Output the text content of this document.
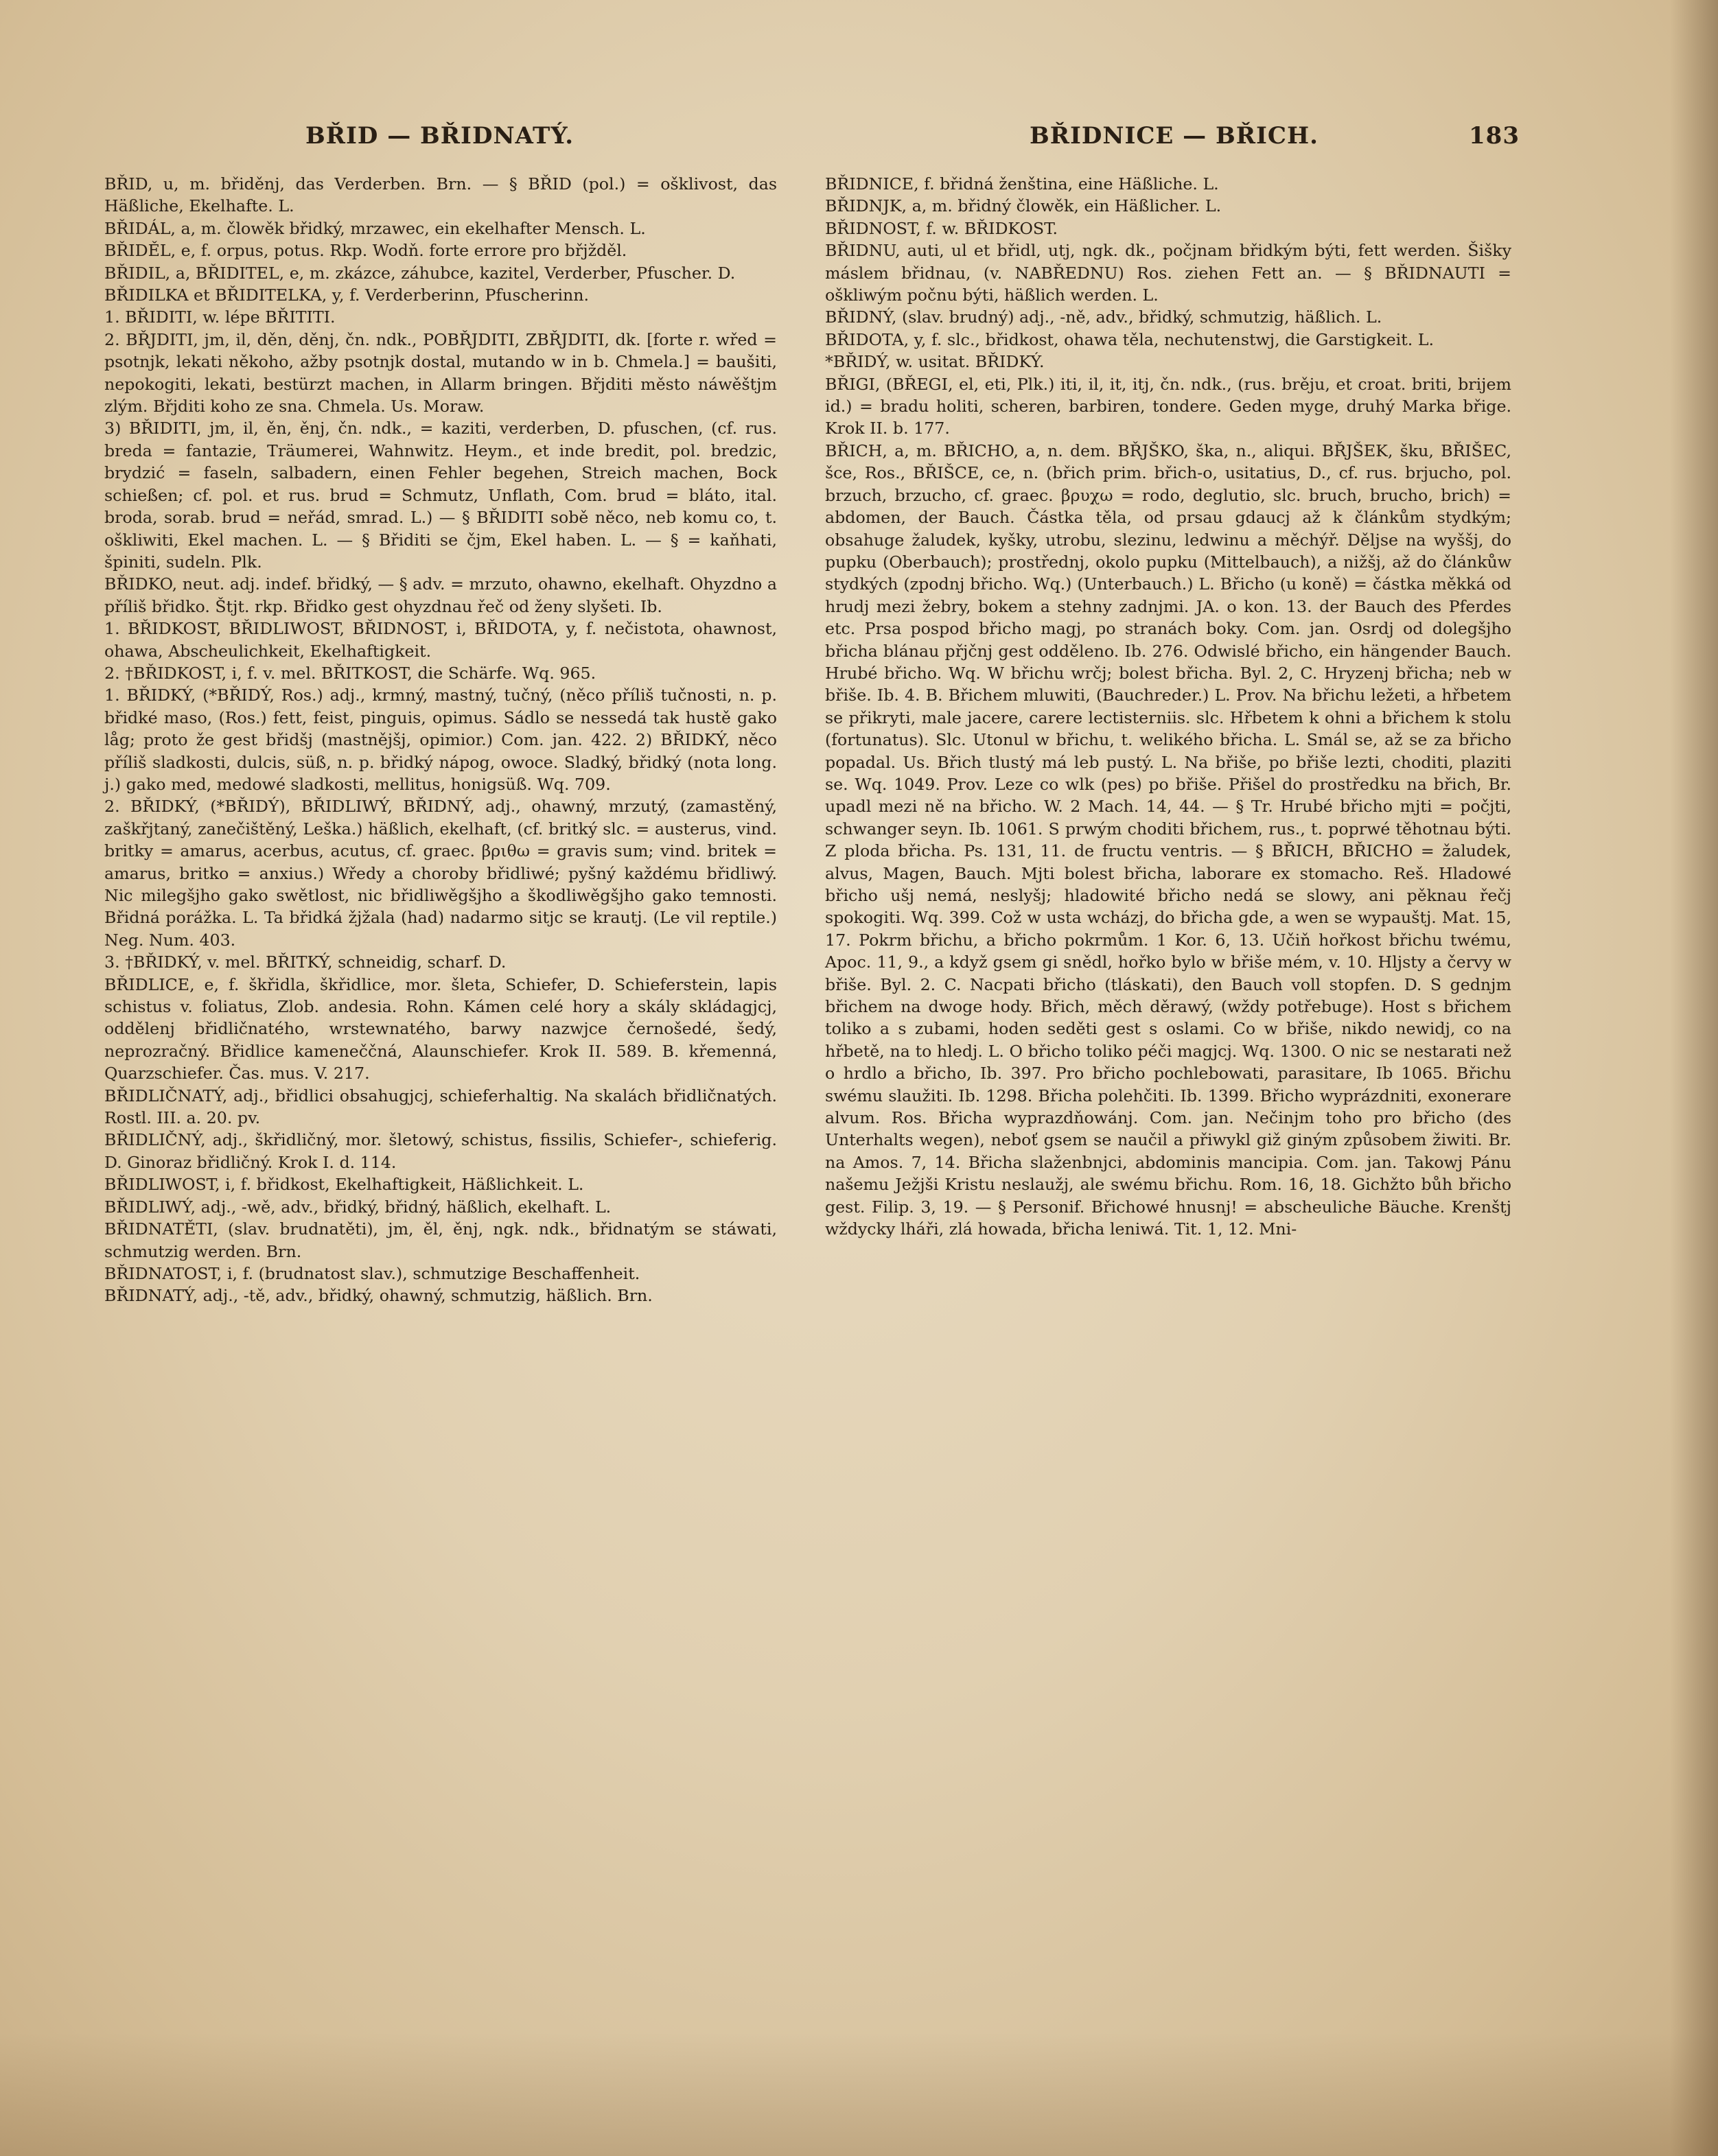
BŘID — BŘIDNATÝ.	BŘIDNICE — BŘICH.	183

BŘID, u, m. břiděnj, das Verderben. Brn. — § BŘID (pol.) = ošklivost, das Häßliche, Ekelhafte. L.

BŘIDÁL, a, m. člowěk břidký, mrzawec, ein ekelhafter Mensch. L.

BŘIDĚL, e, f. orpus, potus. Rkp. Wodň. forte errore pro břjžděl.

BŘIDIL, a, BŘIDITEL, e, m. zkázce, záhubce, kazitel, Verderber, Pfuscher. D.

BŘIDILKA et BŘIDITELKA, y, f. Verderberinn, Pfuscherinn.

1. BŘIDITI, w. lépe BŘITITI.

2. BŘJDITI, jm, il, děn, děnj, čn. ndk., POBŘJDITI, ZBŘJDITI, dk. [forte r. wřed = psotnjk, lekati někoho, ažby psotnjk dostal, mutando w in b. Chmela.] = baušiti, nepokogiti, lekati, bestürzt machen, in Allarm bringen. Břjditi město náwěštjm zlým. Břjditi koho ze sna. Chmela. Us. Moraw.

3) BŘIDITI, jm, il, ěn, ěnj, čn. ndk., = kaziti, verderben, D. pfuschen, (cf. rus. breda = fantazie, Träumerei, Wahnwitz. Heym., et inde bredit, pol. bredzic, brydzić = faseln, salbadern, einen Fehler begehen, Streich machen, Bock schießen; cf. pol. et rus. brud = Schmutz, Unflath, Com. brud = bláto, ital. broda, sorab. brud = neřád, smrad. L.) — § BŘIDITI sobě něco, neb komu co, t. oškliwiti, Ekel machen. L. — § Břiditi se čjm, Ekel haben. L. — § = kaňhati, špiniti, sudeln. Plk.

BŘIDKO, neut. adj. indef. břidký, — § adv. = mrzuto, ohawno, ekelhaft. Ohyzdno a příliš břidko. Štjt. rkp. Břidko gest ohyzdnau řeč od ženy slyšeti. Ib.

1. BŘIDKOST, BŘIDLIWOST, BŘIDNOST, i, BŘIDOTA, y, f. nečistota, ohawnost, ohawa, Abscheulichkeit, Ekelhaftigkeit.

2. †BŘIDKOST, i, f. v. mel. BŘITKOST, die Schärfe. Wq. 965.

1. BŘIDKÝ, (*BŘIDÝ, Ros.) adj., krmný, mastný, tučný, (něco příliš tučnosti, n. p. břidké maso, (Ros.) fett, feist, pinguis, opimus. Sádlo se nessedá tak hustě gako låg; proto že gest břidšj (mastnějšj, opimior.) Com. jan. 422. 2) BŘIDKÝ, něco příliš sladkosti, dulcis, süß, n. p. břidký nápog, owoce. Sladký, břidký (nota long. j.) gako med, medowé sladkosti, mellitus, honigsüß. Wq. 709.

2. BŘIDKÝ, (*BŘIDÝ), BŘIDLIWÝ, BŘIDNÝ, adj., ohawný, mrzutý, (zamastěný, zaškřjtaný, zanečištěný, Leška.) häßlich, ekelhaft, (cf. britký slc. = austerus, vind. britky = amarus, acerbus, acutus, cf. graec. βριθω = gravis sum; vind. britek = amarus, britko = anxius.) Wředy a choroby břidliwé; pyšný každému břidliwý. Nic milegšjho gako swětlost, nic břidliwěgšjho a škodliwěgšjho gako temnosti. Břidná porážka. L. Ta břidká žjžala (had) nadarmo sitjc se krautj. (Le vil reptile.) Neg. Num. 403.

3. †BŘIDKÝ, v. mel. BŘITKÝ, schneidig, scharf. D.

BŘIDLICE, e, f. škřidla, škřidlice, mor. šleta, Schiefer, D. Schieferstein, lapis schistus v. foliatus, Zlob. andesia. Rohn. Kámen celé hory a skály skládagjcj, oddělenj břidličnatého, wrstewnatého, barwy nazwjce černošedé, šedý, neprozračný. Břidlice kameneččná, Alaunschiefer. Krok II. 589. B. křemenná, Quarzschiefer. Čas. mus. V. 217.

BŘIDLIČNATÝ, adj., břidlici obsahugjcj, schieferhaltig. Na skalách břidličnatých. Rostl. III. a. 20. pv.

BŘIDLIČNÝ, adj., škřidličný, mor. šletowý, schistus, fissilis, Schiefer-, schieferig. D. Ginoraz břidličný. Krok I. d. 114.

BŘIDLIWOST, i, f. břidkost, Ekelhaftigkeit, Häßlichkeit. L.

BŘIDLIWÝ, adj., -wě, adv., břidký, břidný, häßlich, ekelhaft. L.

BŘIDNATĚTI, (slav. brudnatěti), jm, ěl, ěnj, ngk. ndk., břidnatým se stáwati, schmutzig werden. Brn.

BŘIDNATOST, i, f. (brudnatost slav.), schmutzige Beschaffenheit.

BŘIDNATÝ, adj., -tě, adv., břidký, ohawný, schmutzig, häßlich. Brn.

BŘIDNICE, f. břidná ženština, eine Häßliche. L.

BŘIDNJK, a, m. břidný člowěk, ein Häßlicher. L.

BŘIDNOST, f. w. BŘIDKOST.

BŘIDNU, auti, ul et břidl, utj, ngk. dk., počjnam břidkým býti, fett werden. Šišky máslem břidnau, (v. NABŘEDNU) Ros. ziehen Fett an. — § BŘIDNAUTI = oškliwým počnu býti, häßlich werden. L.

BŘIDNÝ, (slav. brudný) adj., -ně, adv., břidký, schmutzig, häßlich. L.

BŘIDOTA, y, f. slc., břidkost, ohawa těla, nechutenstwj, die Garstigkeit. L.

*BŘIDÝ, w. usitat. BŘIDKÝ.

BŘIGI, (BŘEGI, el, eti, Plk.) iti, il, it, itj, čn. ndk., (rus. brěju, et croat. briti, brijem id.) = bradu holiti, scheren, barbiren, tondere. Geden myge, druhý Marka břige. Krok II. b. 177.

BŘICH, a, m. BŘICHO, a, n. dem. BŘJŠKO, ška, n., aliqui. BŘJŠEK, šku, BŘIŠEC, šce, Ros., BŘIŠCE, ce, n. (břich prim. břich-o, usitatius, D., cf. rus. brjucho, pol. brzuch, brzucho, cf. graec. βρυχω = rodo, deglutio, slc. bruch, brucho, brich) = abdomen, der Bauch. Částka těla, od prsau gdaucj až k článkům stydkým; obsahuge žaludek, kyšky, utrobu, slezinu, ledwinu a měchýř. Děljse na wyššj, do pupku (Oberbauch); prostřednj, okolo pupku (Mittelbauch), a nižšj, až do článkůw stydkých (zpodnj břicho. Wq.) (Unterbauch.) L. Břicho (u koně) = částka měkká od hrudj mezi žebry, bokem a stehny zadnjmi. JA. o kon. 13. der Bauch des Pferdes etc. Prsa pospod břicho magj, po stranách boky. Com. jan. Osrdj od dolegšjho břicha blánau přjčnj gest odděleno. Ib. 276. Odwislé břicho, ein hängender Bauch. Hrubé břicho. Wq. W břichu wrčj; bolest břicha. Byl. 2, C. Hryzenj břicha; neb w břiše. Ib. 4. B. Břichem mluwiti, (Bauchreder.) L. Prov. Na břichu ležeti, a hřbetem se přikryti, male jacere, carere lectisterniis. slc. Hřbetem k ohni a břichem k stolu (fortunatus). Slc. Utonul w břichu, t. welikého břicha. L. Smál se, až se za břicho popadal. Us. Břich tlustý má leb pustý. L. Na břiše, po břiše lezti, choditi, plaziti se. Wq. 1049. Prov. Leze co wlk (pes) po břiše. Přišel do prostředku na břich, Br. upadl mezi ně na břicho. W. 2 Mach. 14, 44. — § Tr. Hrubé břicho mjti = počjti, schwanger seyn. Ib. 1061. S prwým choditi břichem, rus., t. poprwé těhotnau býti. Z ploda břicha. Ps. 131, 11. de fructu ventris. — § BŘICH, BŘICHO = žaludek, alvus, Magen, Bauch. Mjti bolest břicha, laborare ex stomacho. Reš. Hladowé břicho ušj nemá, neslyšj; hladowité břicho nedá se slowy, ani pěknau řečj spokogiti. Wq. 399. Což w usta wcházj, do břicha gde, a wen se wypauštj. Mat. 15, 17. Pokrm břichu, a břicho pokrmům. 1 Kor. 6, 13. Učiň hořkost břichu twému, Apoc. 11, 9., a když gsem gi snědl, hořko bylo w břiše mém, v. 10. Hljsty a červy w břiše. Byl. 2. C. Nacpati břicho (tláskati), den Bauch voll stopfen. D. S gednjm břichem na dwoge hody. Břich, měch děrawý, (wždy potřebuge). Host s břichem toliko a s zubami, hoden seděti gest s oslami. Co w břiše, nikdo newidj, co na hřbetě, na to hledj. L. O břicho toliko péči magjcj. Wq. 1300. O nic se nestarati než o hrdlo a břicho, Ib. 397. Pro břicho pochlebowati, parasitare, Ib 1065. Břichu swému slaužiti. Ib. 1298. Břicha polehčiti. Ib. 1399. Břicho wyprázdniti, exonerare alvum. Ros. Břicha wyprazdňowánj. Com. jan. Nečinjm toho pro břicho (des Unterhalts wegen), neboť gsem se naučil a přiwykl giž giným způsobem žiwiti. Br. na Amos. 7, 14. Břicha slaženbnjci, abdominis mancipia. Com. jan. Takowj Pánu našemu Ježjši Kristu neslaužj, ale swému břichu. Rom. 16, 18. Gichžto bůh břicho gest. Filip. 3, 19. — § Personif. Břichowé hnusnj! = abscheuliche Bäuche. Krenštj wždycky lháři, zlá howada, břicha leniwá. Tit. 1, 12. Mni-
